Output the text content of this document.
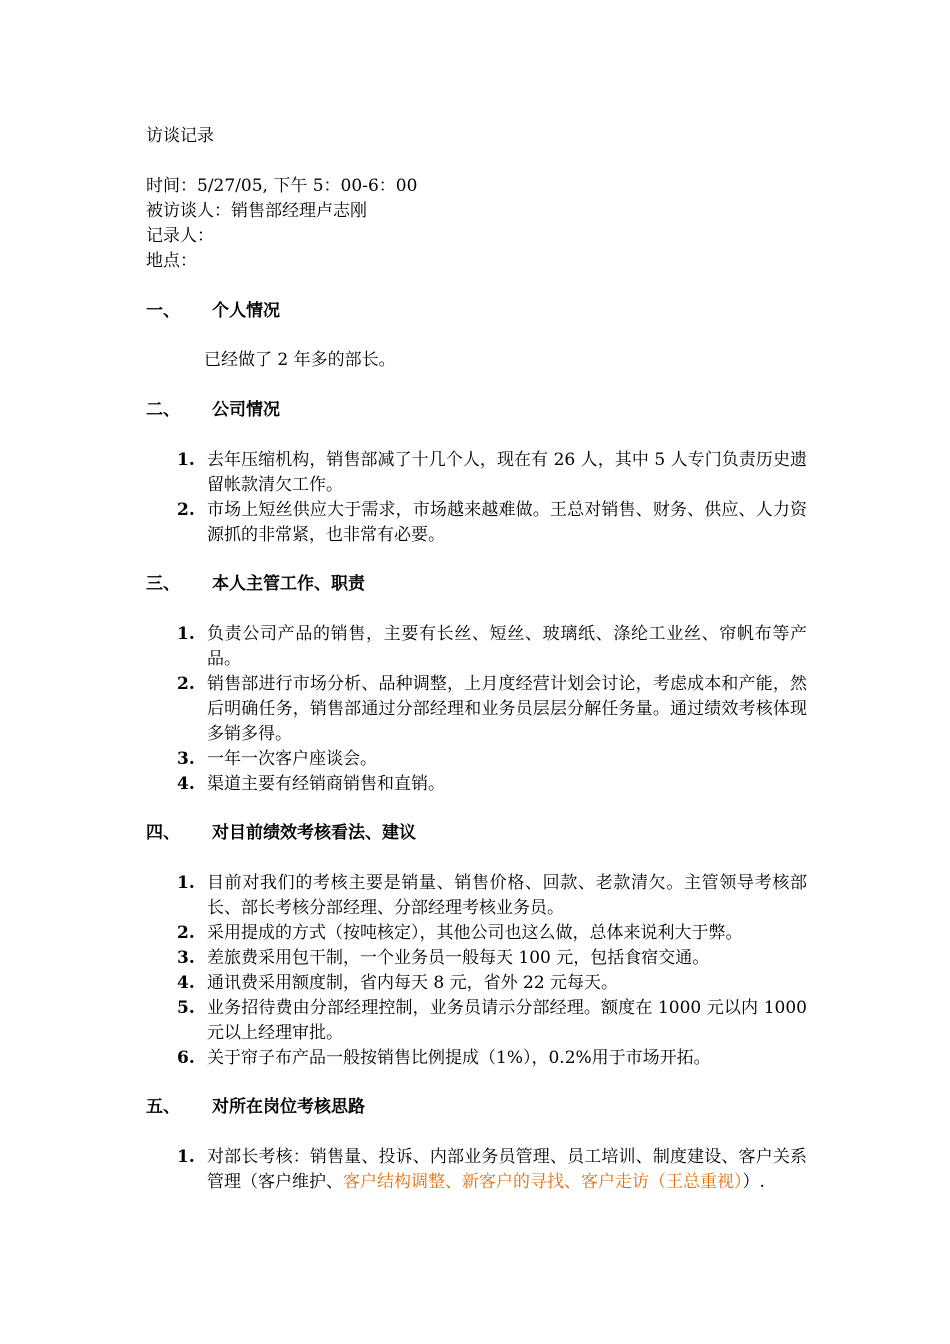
访谈记录
时间：5/27/05, 下午 5：00-6：00
被访谈人：销售部经理卢志刚
记录人：
地点：
一、 个人情况
已经做了 2 年多的部长。
二、 公司情况
1. 去年压缩机构，销售部减了十几个人，现在有 26 人，其中 5 人专门负责历史遗留帐款清欠工作。
2. 市场上短丝供应大于需求，市场越来越难做。王总对销售、财务、供应、人力资源抓的非常紧，也非常有必要。
三、 本人主管工作、职责
1. 负责公司产品的销售，主要有长丝、短丝、玻璃纸、涤纶工业丝、帘帆布等产品。
2. 销售部进行市场分析、品种调整，上月度经营计划会讨论，考虑成本和产能，然后明确任务，销售部通过分部经理和业务员层层分解任务量。通过绩效考核体现多销多得。
3. 一年一次客户座谈会。
4. 渠道主要有经销商销售和直销。
四、 对目前绩效考核看法、建议
1. 目前对我们的考核主要是销量、销售价格、回款、老款清欠。主管领导考核部长、部长考核分部经理、分部经理考核业务员。
2. 采用提成的方式（按吨核定），其他公司也这么做，总体来说利大于弊。
3. 差旅费采用包干制，一个业务员一般每天 100 元，包括食宿交通。
4. 通讯费采用额度制，省内每天 8 元，省外 22 元每天。
5. 业务招待费由分部经理控制，业务员请示分部经理。额度在 1000 元以内 1000 元以上经理审批。
6. 关于帘子布产品一般按销售比例提成（1%），0.2%用于市场开拓。
五、 对所在岗位考核思路
1. 对部长考核：销售量、投诉、内部业务员管理、员工培训、制度建设、客户关系管理（客户维护、客户结构调整、新客户的寻找、客户走访（王总重视））.
